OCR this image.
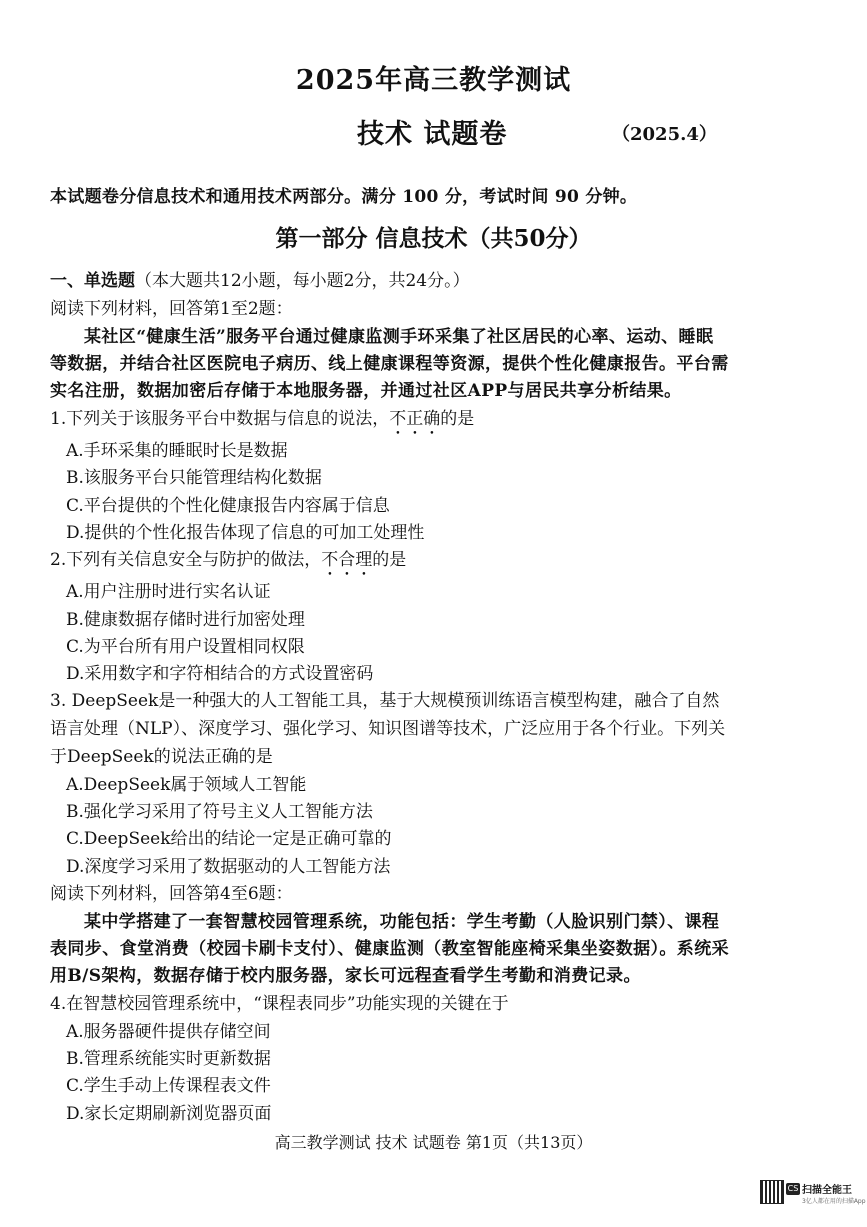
2025年高三教学测试
技术 试题卷	（2025.4）
本试题卷分信息技术和通用技术两部分。满分 100 分，考试时间 90 分钟。
第一部分 信息技术（共50分）
一、单选题（本大题共12小题，每小题2分，共24分。）
阅读下列材料，回答第1至2题：
某社区“健康生活”服务平台通过健康监测手环采集了社区居民的心率、运动、睡眠
等数据，并结合社区医院电子病历、线上健康课程等资源，提供个性化健康报告。平台需
实名注册，数据加密后存储于本地服务器，并通过社区APP与居民共享分析结果。
1.下列关于该服务平台中数据与信息的说法，不正确的是
A.手环采集的睡眠时长是数据
B.该服务平台只能管理结构化数据
C.平台提供的个性化健康报告内容属于信息
D.提供的个性化报告体现了信息的可加工处理性
2.下列有关信息安全与防护的做法，不合理的是
A.用户注册时进行实名认证
B.健康数据存储时进行加密处理
C.为平台所有用户设置相同权限
D.采用数字和字符相结合的方式设置密码
3. DeepSeek是一种强大的人工智能工具，基于大规模预训练语言模型构建，融合了自然
语言处理（NLP）、深度学习、强化学习、知识图谱等技术，广泛应用于各个行业。下列关
于DeepSeek的说法正确的是
A.DeepSeek属于领域人工智能
B.强化学习采用了符号主义人工智能方法
C.DeepSeek给出的结论一定是正确可靠的
D.深度学习采用了数据驱动的人工智能方法
阅读下列材料，回答第4至6题：
某中学搭建了一套智慧校园管理系统，功能包括：学生考勤（人脸识别门禁）、课程
表同步、食堂消费（校园卡刷卡支付）、健康监测（教室智能座椅采集坐姿数据）。系统采
用B/S架构，数据存储于校内服务器，家长可远程查看学生考勤和消费记录。
4.在智慧校园管理系统中，“课程表同步”功能实现的关键在于
A.服务器硬件提供存储空间
B.管理系统能实时更新数据
C.学生手动上传课程表文件
D.家长定期刷新浏览器页面
高三教学测试 技术 试题卷 第1页（共13页）
CS 扫描全能王
3亿人都在用的扫描App
